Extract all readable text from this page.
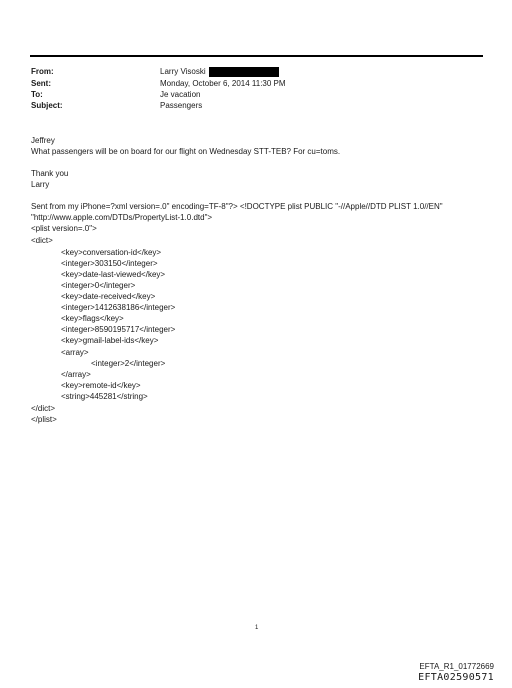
From:	Larry Visoski
Sent:	Monday, October 6, 2014 11:30 PM
To:	Je vacation
Subject:	Passengers
Jeffrey
What passengers will be on board for our flight on Wednesday STT-TEB? For cu=toms.
Thank you
Larry
Sent from my iPhone=?xml version=.0" encoding=TF-8"?> <!DOCTYPE plist PUBLIC "-//Apple//DTD PLIST 1.0//EN"
"http://www.apple.com/DTDs/PropertyList-1.0.dtd">
<plist version=.0">
<dict>
<key>conversation-id</key>
<integer>303150</integer>
<key>date-last-viewed</key>
<integer>0</integer>
<key>date-received</key>
<integer>1412638186</integer>
<key>flags</key>
<integer>8590195717</integer>
<key>gmail-label-ids</key>
<array>
<integer>2</integer>
</array>
<key>remote-id</key>
<string>445281</string>
</dict>
</plist>
1
EFTA_R1_01772669
EFTA02590571
